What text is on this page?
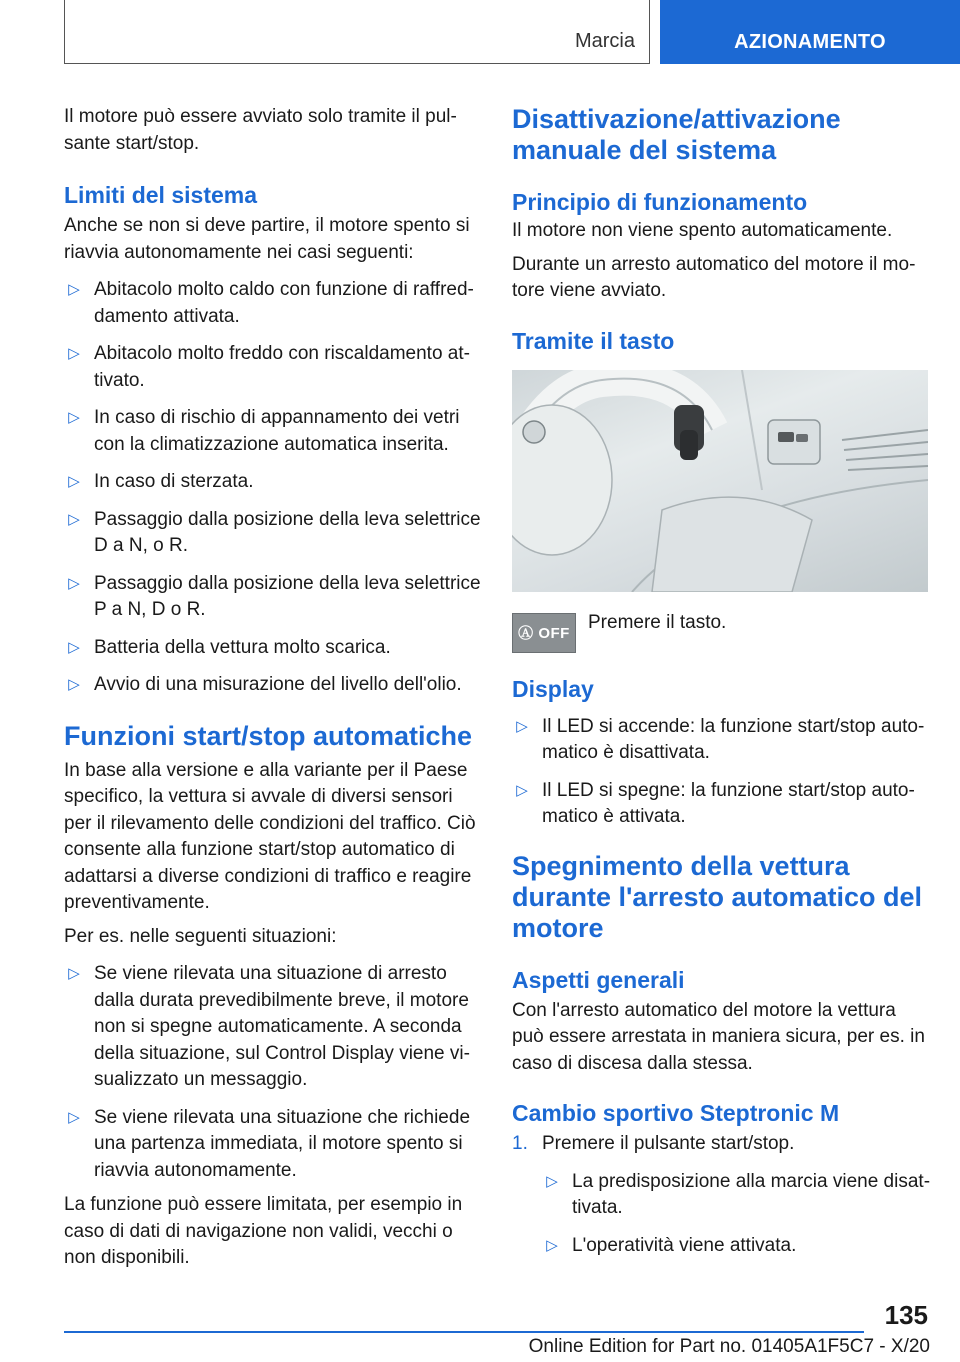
Marcia	AZIONAMENTO

Il motore può essere avviato solo tramite il pul-sante start/stop.

Limiti del sistema

Anche se non si deve partire, il motore spento si riavvia autonomamente nei casi seguenti:

▷ Abitacolo molto caldo con funzione di raffred-damento attivata.
▷ Abitacolo molto freddo con riscaldamento at-tivato.
▷ In caso di rischio di appannamento dei vetri con la climatizzazione automatica inserita.
▷ In caso di sterzata.
▷ Passaggio dalla posizione della leva selettrice D a N, o R.
▷ Passaggio dalla posizione della leva selettrice P a N, D o R.
▷ Batteria della vettura molto scarica.
▷ Avvio di una misurazione del livello dell'olio.
Funzioni start/stop automatiche

In base alla versione e alla variante per il Paese specifico, la vettura si avvale di diversi sensori per il rilevamento delle condizioni del traffico. Ciò consente alla funzione start/stop automatico di adattarsi a diverse condizioni di traffico e reagire preventivamente.

Per es. nelle seguenti situazioni:

▷ Se viene rilevata una situazione di arresto dalla durata prevedibilmente breve, il motore non si spegne automaticamente. A seconda della situazione, sul Control Display viene vi-sualizzato un messaggio.
▷ Se viene rilevata una situazione che richiede una partenza immediata, il motore spento si riavvia autonomamente.

La funzione può essere limitata, per esempio in caso di dati di navigazione non validi, vecchi o non disponibili.

Disattivazione/attivazione manuale del sistema
Principio di funzionamento

Il motore non viene spento automaticamente.

Durante un arresto automatico del motore il mo-tore viene avviato.

Tramite il tasto
Ⓐ OFF
Premere il tasto.
Display
▷ Il LED si accende: la funzione start/stop auto-matico è disattivata.
▷ Il LED si spegne: la funzione start/stop auto-matico è attivata.
Spegnimento della vettura durante l'arresto automatico del motore
Aspetti generali

Con l'arresto automatico del motore la vettura può essere arrestata in maniera sicura, per es. in caso di discesa dalla stessa.

Cambio sportivo Steptronic M
1. Premere il pulsante start/stop.
▷ La predisposizione alla marcia viene disat-tivata.
▷ L'operatività viene attivata.
135
Online Edition for Part no. 01405A1F5C7 - X/20
